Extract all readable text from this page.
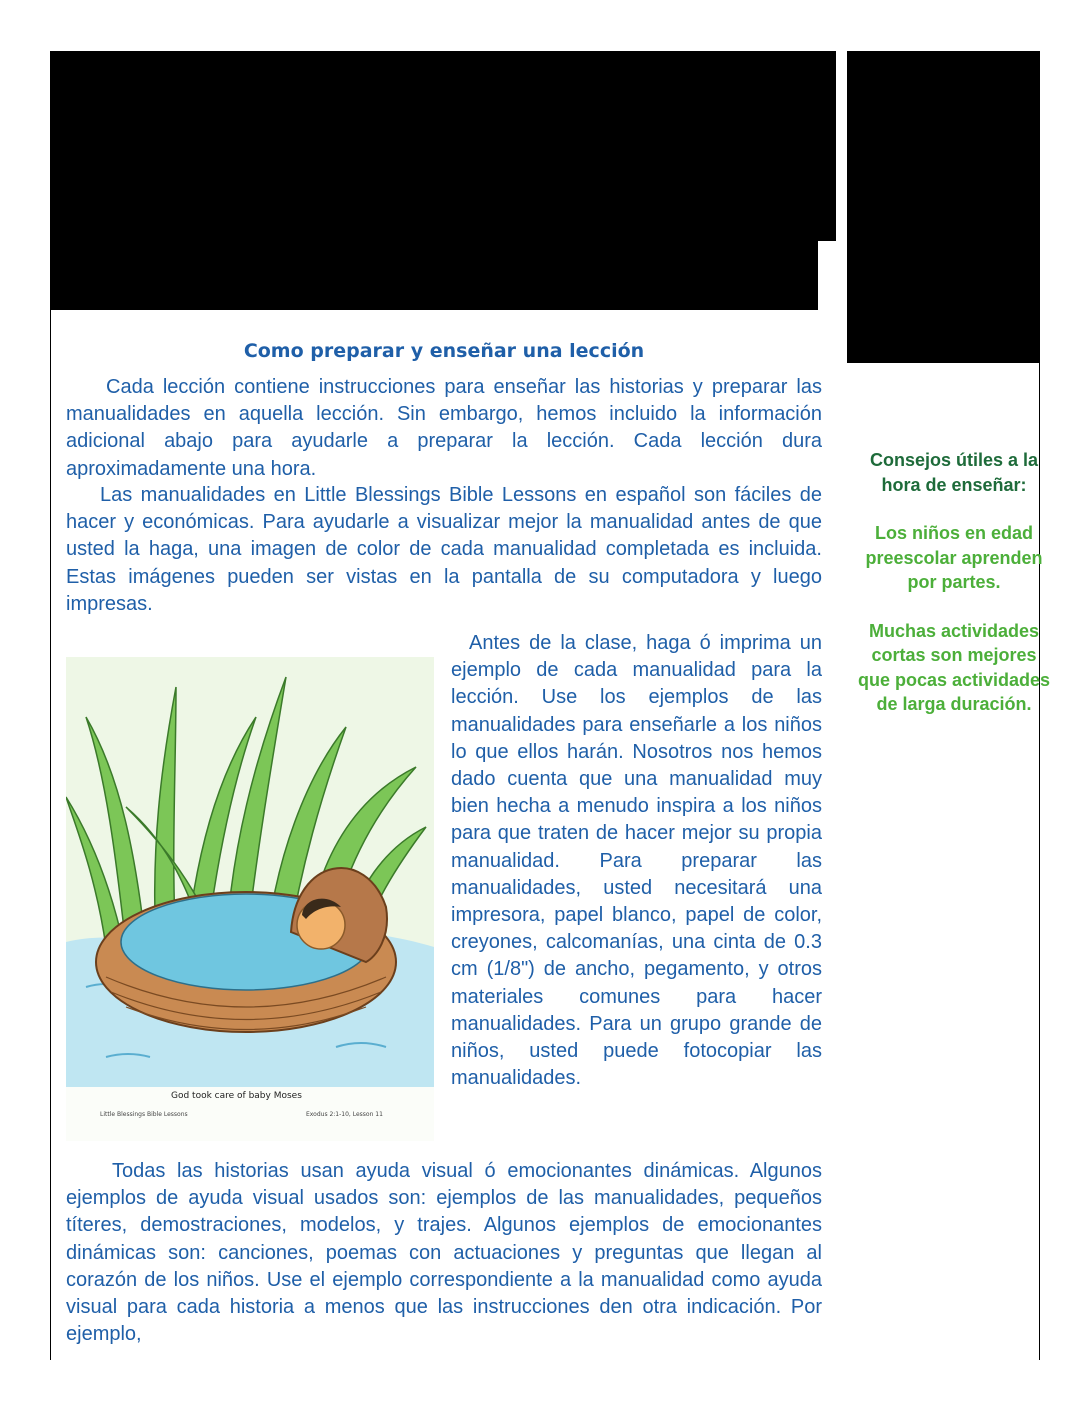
Como preparar y enseñar una lección

Cada lección contiene instrucciones para enseñar las historias y preparar las manualidades en aquella lección. Sin embargo, hemos incluido la información adicional abajo para ayudarle a preparar la lección. Cada lección dura aproximadamente una hora.

Las manualidades en Little Blessings Bible Lessons en español son fáciles de hacer y económicas. Para ayudarle a visualizar mejor la manualidad antes de que usted la haga, una imagen de color de cada manualidad completada es incluida. Estas imágenes pueden ser vistas en la pantalla de su computadora y luego impresas.

God took care of baby Moses
Little Blessings Bible Lessons	Exodus 2:1-10, Lesson 11

Antes de la clase, haga ó imprima un ejemplo de cada manualidad para la lección. Use los ejemplos de las manualidades para enseñarle a los niños lo que ellos harán. Nosotros nos hemos dado cuenta que una manualidad muy bien hecha a menudo inspira a los niños para que traten de hacer mejor su propia manualidad. Para preparar las manualidades, usted necesitará una impresora, papel blanco, papel de color, creyones, calcomanías, una cinta de 0.3 cm (1/8") de ancho, pegamento, y otros materiales comunes para hacer manualidades. Para un grupo grande de niños, usted puede fotocopiar las manualidades.

Todas las historias usan ayuda visual ó emocionantes dinámicas. Algunos ejemplos de ayuda visual usados son: ejemplos de las manualidades, pequeños títeres, demostraciones, modelos, y trajes. Algunos ejemplos de emocionantes dinámicas son: canciones, poemas con actuaciones y preguntas que llegan al corazón de los niños. Use el ejemplo correspondiente a la manualidad como ayuda visual para cada historia a menos que las instrucciones den otra indicación. Por ejemplo,

Consejos útiles a la hora de enseñar:

Los niños en edad preescolar aprenden por partes.

Muchas actividades cortas son mejores que pocas actividades de larga duración.
